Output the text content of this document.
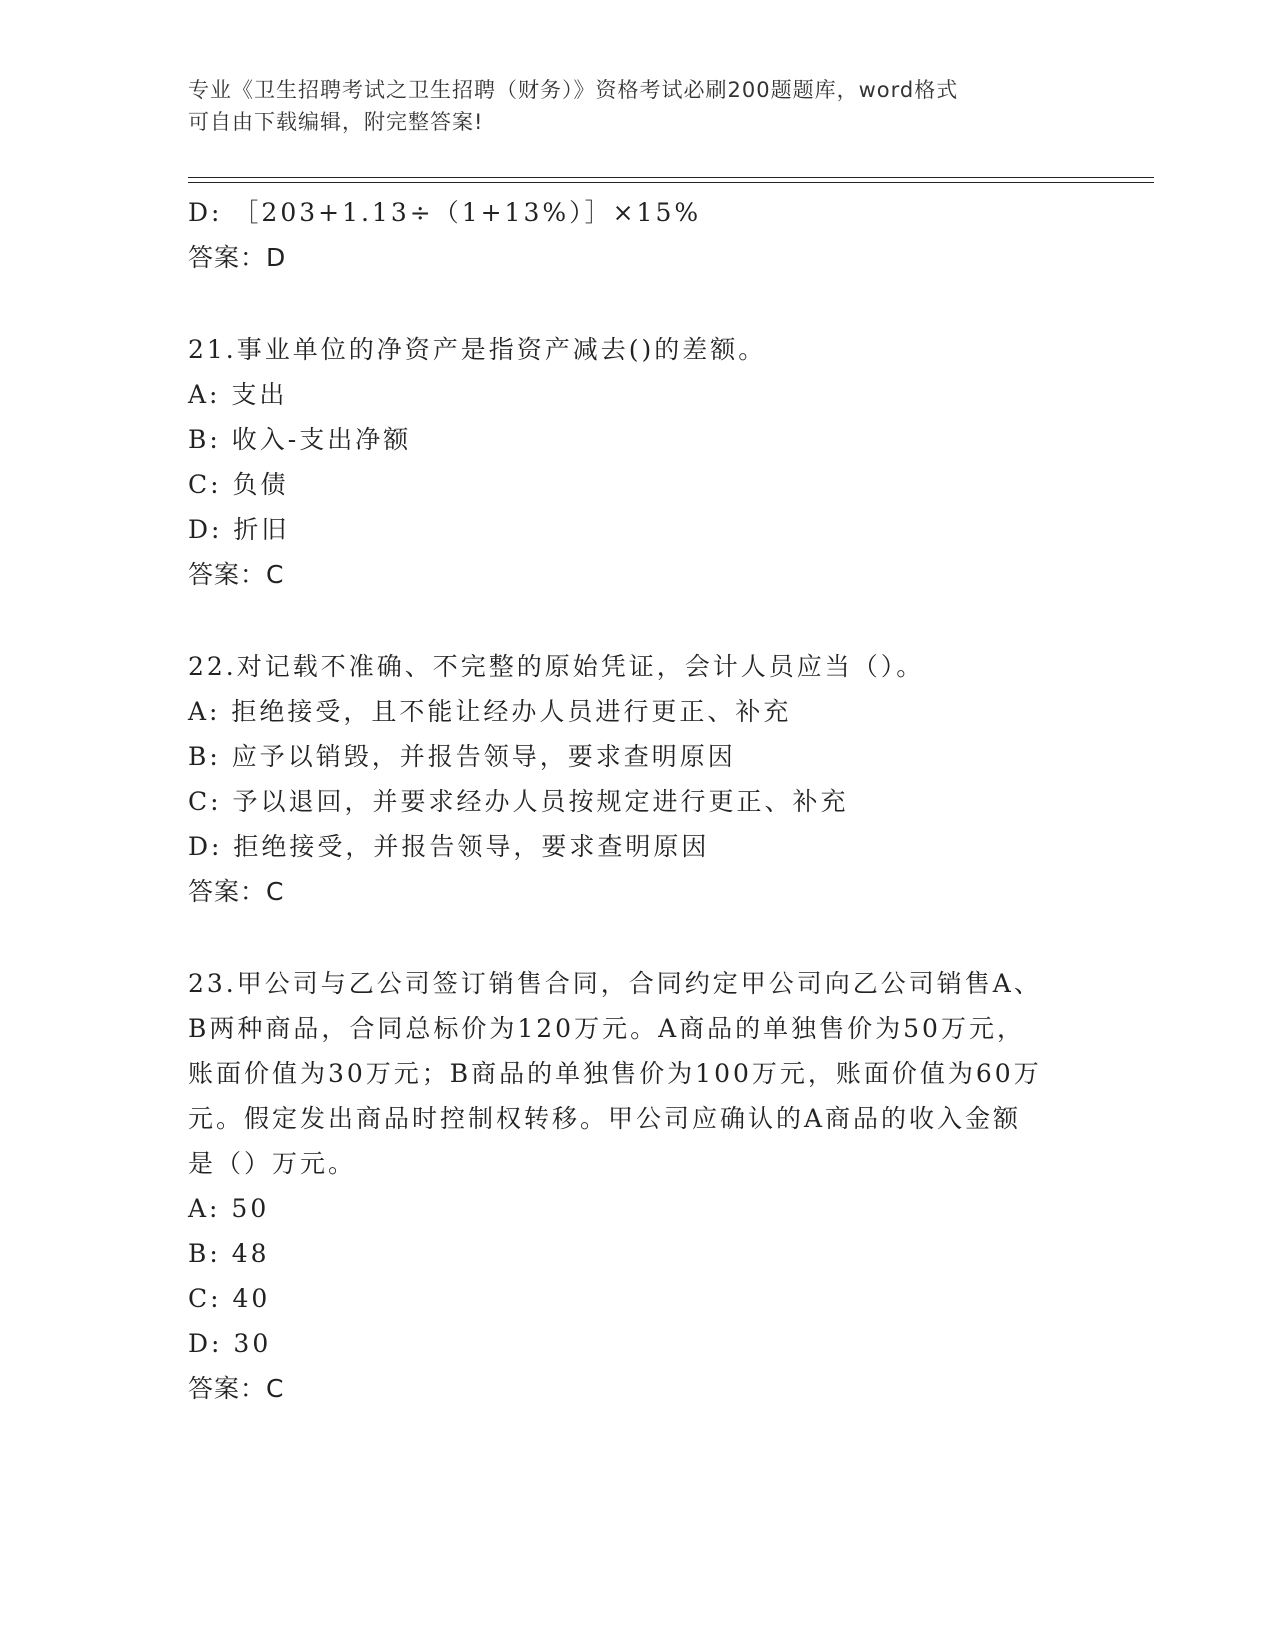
专业《卫生招聘考试之卫生招聘（财务）》资格考试必刷200题题库，word格式
可自由下载编辑，附完整答案!
D: ［203+1.13÷（1+13%）］×15%
答案：D
21.事业单位的净资产是指资产减去()的差额。
A: 支出
B: 收入-支出净额
C: 负债
D: 折旧
答案：C
22.对记载不准确、不完整的原始凭证，会计人员应当（）。
A: 拒绝接受，且不能让经办人员进行更正、补充
B: 应予以销毁，并报告领导，要求查明原因
C: 予以退回，并要求经办人员按规定进行更正、补充
D: 拒绝接受，并报告领导，要求查明原因
答案：C
23.甲公司与乙公司签订销售合同，合同约定甲公司向乙公司销售A、
B两种商品，合同总标价为120万元。A商品的单独售价为50万元，
账面价值为30万元；B商品的单独售价为100万元，账面价值为60万
元。假定发出商品时控制权转移。甲公司应确认的A商品的收入金额
是（）万元。
A: 50
B: 48
C: 40
D: 30
答案：C
